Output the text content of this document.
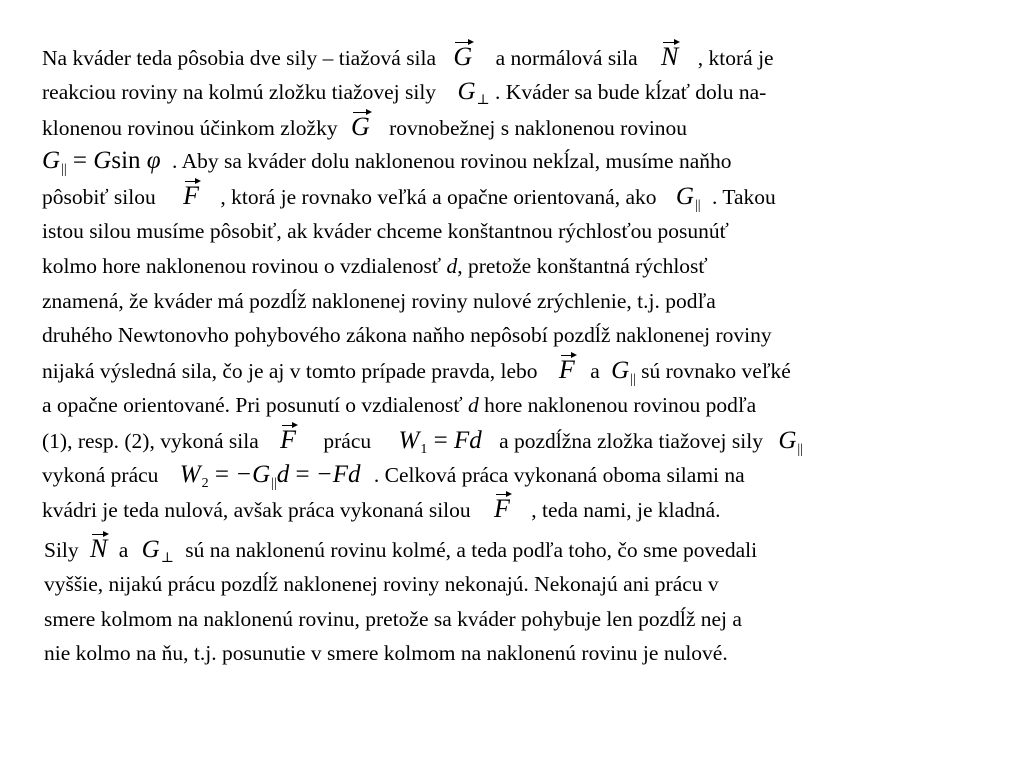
Na kváder teda pôsobia dve sily – tiažová sila G a normálová sila N , ktorá je
reakciou roviny na kolmú zložku tiažovej sily $G_\perp$ . Kváder sa bude kĺzať dolu na-
klonenou rovinou účinkom zložky G rovnobežnej s naklonenou rovinou
$G_{||} = Gsin$ φ . Aby sa kváder dolu naklonenou rovinou nekĺzal, musíme naňho
pôsobiť silou F , ktorá je rovnako veľká a opačne orientovaná, ako $G_{||}$ . Takou
istou silou musíme pôsobiť, ak kváder chceme konštantnou rýchlosťou posunúť
kolmo hore naklonenou rovinou o vzdialenosť d, pretože konštantná rýchlosť
znamená, že kváder má pozdĺž naklonenej roviny nulové zrýchlenie, t.j. podľa
druhého Newtonovho pohybového zákona naňho nepôsobí pozdĺž naklonenej roviny
nijaká výsledná sila, čo je aj v tomto prípade pravda, lebo F a $G_{||}$ sú rovnako veľké
a opačne orientované. Pri posunutí o vzdialenosť d hore naklonenou rovinou podľa
(1), resp. (2), vykoná sila F prácu $W_1 = Fd$ a pozdĺžna zložka tiažovej sily $G_{||}$
vykoná prácu $W_2 = -G_{||}d = -Fd$ . Celková práca vykonaná oboma silami na
kvádri je teda nulová, avšak práca vykonaná silou F , teda nami, je kladná.
Sily N a $G_\perp$ sú na naklonenú rovinu kolmé, a teda podľa toho, čo sme povedali
vyššie, nijakú prácu pozdĺž naklonenej roviny nekonajú. Nekonajú ani prácu v
smere kolmom na naklonenú rovinu, pretože sa kváder pohybuje len pozdĺž nej a
nie kolmo na ňu, t.j. posunutie v smere kolmom na naklonenú rovinu je nulové.
